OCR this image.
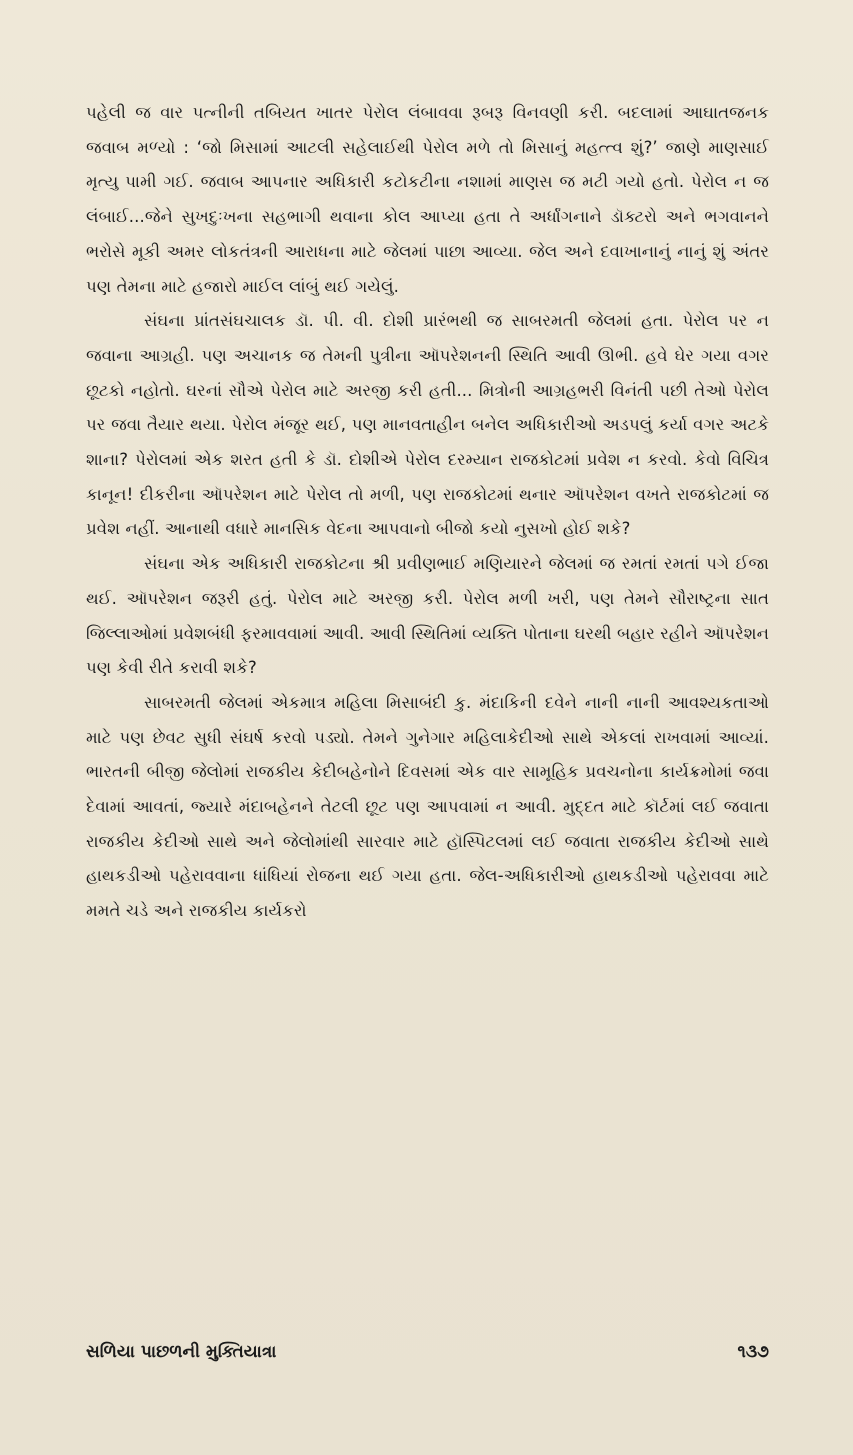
પહેલી જ વાર પત્નીની તબિયત ખાતર પેરોલ લંબાવવા રૂબરૂ વિનવણી કરી. બદલામાં આઘાતજનક જવાબ મળ્યો : ‘જો મિસામાં આટલી સહેલાઈથી પેરોલ મળે તો મિસાનું મહત્ત્વ શું?’ જાણે માણસાઈ મૃત્યુ પામી ગઈ. જવાબ આપનાર અધિકારી કટોકટીના નશામાં માણસ જ મટી ગયો હતો. પેરોલ ન જ લંબાઈ...જેને સુખદુઃખના સહભાગી થવાના કોલ આપ્યા હતા તે અર્ધાંગનાને ડૉક્ટરો અને ભગવાનને ભરોસે મૂકી અમર લોકતંત્રની આરાધના માટે જેલમાં પાછા આવ્યા. જેલ અને દવાખાનાનું નાનું શું અંતર પણ તેમના માટે હજારો માઈલ લાંબું થઈ ગયેલું.

સંઘના પ્રાંતસંઘચાલક ડૉ. પી. વી. દોશી પ્રારંભથી જ સાબરમતી જેલમાં હતા. પેરોલ પર ન જવાના આગ્રહી. પણ અચાનક જ તેમની પુત્રીના ઑપરેશનની સ્થિતિ આવી ઊભી. હવે ઘેર ગયા વગર છૂટકો નહોતો. ઘરનાં સૌએ પેરોલ માટે અરજી કરી હતી... મિત્રોની આગ્રહભરી વિનંતી પછી તેઓ પેરોલ પર જવા તૈયાર થયા. પેરોલ મંજૂર થઈ, પણ માનવતાહીન બનેલ અધિકારીઓ અડપલું કર્યા વગર અટકે શાના? પેરોલમાં એક શરત હતી કે ડૉ. દોશીએ પેરોલ દરમ્યાન રાજકોટમાં પ્રવેશ ન કરવો. કેવો વિચિત્ર કાનૂન! દીકરીના ઑપરેશન માટે પેરોલ તો મળી, પણ રાજકોટમાં થનાર ઑપરેશન વખતે રાજકોટમાં જ પ્રવેશ નહીં. આનાથી વધારે માનસિક વેદના આપવાનો બીજો કયો નુસખો હોઈ શકે?

સંઘના એક અધિકારી રાજકોટના શ્રી પ્રવીણભાઈ મણિયારને જેલમાં જ રમતાં રમતાં પગે ઈજા થઈ. ઑપરેશન જરૂરી હતું. પેરોલ માટે અરજી કરી. પેરોલ મળી ખરી, પણ તેમને સૌરાષ્ટ્રના સાત જિલ્લાઓમાં પ્રવેશબંધી ફરમાવવામાં આવી. આવી સ્થિતિમાં વ્યક્તિ પોતાના ઘરથી બહાર રહીને ઑપરેશન પણ કેવી રીતે કરાવી શકે?

સાબરમતી જેલમાં એકમાત્ર મહિલા મિસાબંદી કુ. મંદાકિની દવેને નાની નાની આવશ્યકતાઓ માટે પણ છેવટ સુધી સંઘર્ષ કરવો પડ્યો. તેમને ગુનેગાર મહિલાકેદીઓ સાથે એકલાં રાખવામાં આવ્યાં. ભારતની બીજી જેલોમાં રાજકીય કેદીબહેનોને દિવસમાં એક વાર સામૂહિક પ્રવચનોના કાર્યક્રમોમાં જવા દેવામાં આવતાં, જ્યારે મંદાબહેનને તેટલી છૂટ પણ આપવામાં ન આવી. મુદ્દત માટે કૉર્ટમાં લઈ જવાતા રાજકીય કેદીઓ સાથે અને જેલોમાંથી સારવાર માટે હૉસ્પિટલમાં લઈ જવાતા રાજકીય કેદીઓ સાથે હાથકડીઓ પહેરાવવાના ધાંધિયાં રોજના થઈ ગયા હતા. જેલ-અધિકારીઓ હાથકડીઓ પહેરાવવા માટે મમતે ચડે અને રાજકીય કાર્યકરો

સળિયા પાછળની મુક્તિયાત્રા	૧૩૭
